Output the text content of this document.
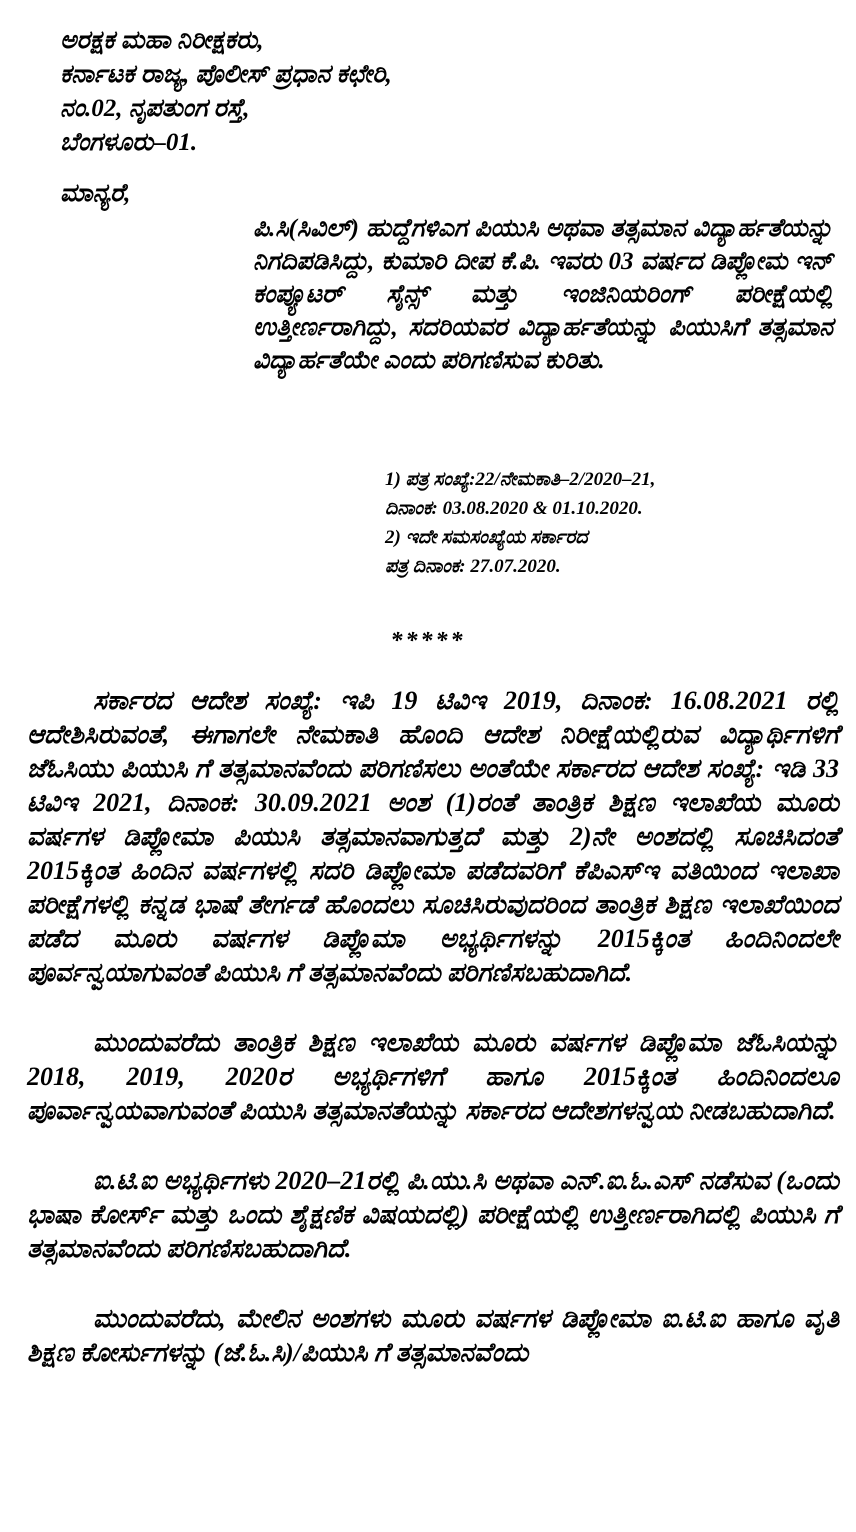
ಅರಕ್ಷಕ ಮಹಾ ನಿರೀಕ್ಷಕರು,
ಕರ್ನಾಟಕ ರಾಜ್ಯ, ಪೊಲೀಸ್ ಪ್ರಧಾನ ಕಛೇರಿ,
ನಂ.02, ನೃಪತುಂಗ ರಸ್ತೆ,
ಬೆಂಗಳೂರು–01.
ಮಾನ್ಯರೆ,
ಪಿ.ಸಿ(ಸಿವಿಲ್) ಹುದ್ದೆಗಳಿಎಗ ಪಿಯುಸಿ ಅಥವಾ ತತ್ಸಮಾನ ವಿದ್ಯಾರ್ಹತೆಯನ್ನು ನಿಗದಿಪಡಿಸಿದ್ದು, ಕುಮಾರಿ ದೀಪ ಕೆ.ಪಿ. ಇವರು 03 ವರ್ಷದ ಡಿಪ್ಲೋಮ ಇನ್ ಕಂಪ್ಯೂಟರ್ ಸೈನ್ಸ್ ಮತ್ತು ಇಂಜಿನಿಯರಿಂಗ್ ಪರೀಕ್ಷೆಯಲ್ಲಿ ಉತ್ತೀರ್ಣರಾಗಿದ್ದು, ಸದರಿಯವರ ವಿದ್ಯಾರ್ಹತೆಯನ್ನು ಪಿಯುಸಿಗೆ ತತ್ಸಮಾನ ವಿದ್ಯಾರ್ಹತೆಯೇ ಎಂದು ಪರಿಗಣಿಸುವ ಕುರಿತು.

1) ಪತ್ರ ಸಂಖ್ಯೆ:22/ನೇಮಕಾತಿ–2/2020–21,

ದಿನಾಂಕ: 03.08.2020 & 01.10.2020.

2) ಇದೇ ಸಮಸಂಖ್ಯೆಯ ಸರ್ಕಾರದ

ಪತ್ರ ದಿನಾಂಕ: 27.07.2020.

*****

ಸರ್ಕಾರದ ಆದೇಶ ಸಂಖ್ಯೆ: ಇಪಿ 19 ಟಿವಿಇ 2019, ದಿನಾಂಕ: 16.08.2021 ರಲ್ಲಿ ಆದೇಶಿಸಿರುವಂತೆ, ಈಗಾಗಲೇ ನೇಮಕಾತಿ ಹೊಂದಿ ಆದೇಶ ನಿರೀಕ್ಷೆಯಲ್ಲಿರುವ ವಿದ್ಯಾರ್ಥಿಗಳಿಗೆ ಜೆಓಸಿಯು ಪಿಯುಸಿ ಗೆ ತತ್ಸಮಾನವೆಂದು ಪರಿಗಣಿಸಲು ಅಂತೆಯೇ ಸರ್ಕಾರದ ಆದೇಶ ಸಂಖ್ಯೆ: ಇಡಿ 33 ಟಿವಿಇ 2021, ದಿನಾಂಕ: 30.09.2021 ಅಂಶ (1)ರಂತೆ ತಾಂತ್ರಿಕ ಶಿಕ್ಷಣ ಇಲಾಖೆಯ ಮೂರು ವರ್ಷಗಳ ಡಿಪ್ಲೋಮಾ ಪಿಯುಸಿ ತತ್ಸಮಾನವಾಗುತ್ತದೆ ಮತ್ತು 2)ನೇ ಅಂಶದಲ್ಲಿ ಸೂಚಿಸಿದಂತೆ 2015ಕ್ಕಿಂತ ಹಿಂದಿನ ವರ್ಷಗಳಲ್ಲಿ ಸದರಿ ಡಿಪ್ಲೋಮಾ ಪಡೆದವರಿಗೆ ಕೆಪಿಎಸ್‌ಇ ವತಿಯಿಂದ ಇಲಾಖಾ ಪರೀಕ್ಷೆಗಳಲ್ಲಿ ಕನ್ನಡ ಭಾಷೆ ತೇರ್ಗಡೆ ಹೊಂದಲು ಸೂಚಿಸಿರುವುದರಿಂದ ತಾಂತ್ರಿಕ ಶಿಕ್ಷಣ ಇಲಾಖೆಯಿಂದ ಪಡೆದ ಮೂರು ವರ್ಷಗಳ ಡಿಪ್ಲೊಮಾ ಅಭ್ಯರ್ಥಿಗಳನ್ನು 2015ಕ್ಕಿಂತ ಹಿಂದಿನಿಂದಲೇ ಪೂರ್ವನ್ವಯಾಗುವಂತೆ ಪಿಯುಸಿ ಗೆ ತತ್ಸಮಾನವೆಂದು ಪರಿಗಣಿಸಬಹುದಾಗಿದೆ.

ಮುಂದುವರೆದು ತಾಂತ್ರಿಕ ಶಿಕ್ಷಣ ಇಲಾಖೆಯ ಮೂರು ವರ್ಷಗಳ ಡಿಪ್ಲೊಮಾ ಜೆಓಸಿಯನ್ನು 2018, 2019, 2020ರ ಅಭ್ಯರ್ಥಿಗಳಿಗೆ ಹಾಗೂ 2015ಕ್ಕಿಂತ ಹಿಂದಿನಿಂದಲೂ ಪೂರ್ವಾನ್ವಯವಾಗುವಂತೆ ಪಿಯುಸಿ ತತ್ಸಮಾನತೆಯನ್ನು ಸರ್ಕಾರದ ಆದೇಶಗಳನ್ವಯ ನೀಡಬಹುದಾಗಿದೆ.

ಐ.ಟಿ.ಐ ಅಭ್ಯರ್ಥಿಗಳು 2020–21ರಲ್ಲಿ ಪಿ.ಯು.ಸಿ ಅಥವಾ ಎನ್.ಐ.ಓ.ಎಸ್ ನಡೆಸುವ (ಒಂದು ಭಾಷಾ ಕೋರ್ಸ್ ಮತ್ತು ಒಂದು ಶೈಕ್ಷಣಿಕ ವಿಷಯದಲ್ಲಿ) ಪರೀಕ್ಷೆಯಲ್ಲಿ ಉತ್ತೀರ್ಣರಾಗಿದಲ್ಲಿ ಪಿಯುಸಿ ಗೆ ತತ್ಸಮಾನವೆಂದು ಪರಿಗಣಿಸಬಹುದಾಗಿದೆ.

ಮುಂದುವರೆದು, ಮೇಲಿನ ಅಂಶಗಳು ಮೂರು ವರ್ಷಗಳ ಡಿಪ್ಲೋಮಾ ಐ.ಟಿ.ಐ ಹಾಗೂ ವೃತಿ ಶಿಕ್ಷಣ ಕೋರ್ಸುಗಳನ್ನು (ಜೆ.ಓ.ಸಿ)/ಪಿಯುಸಿ ಗೆ ತತ್ಸಮಾನವೆಂದು
